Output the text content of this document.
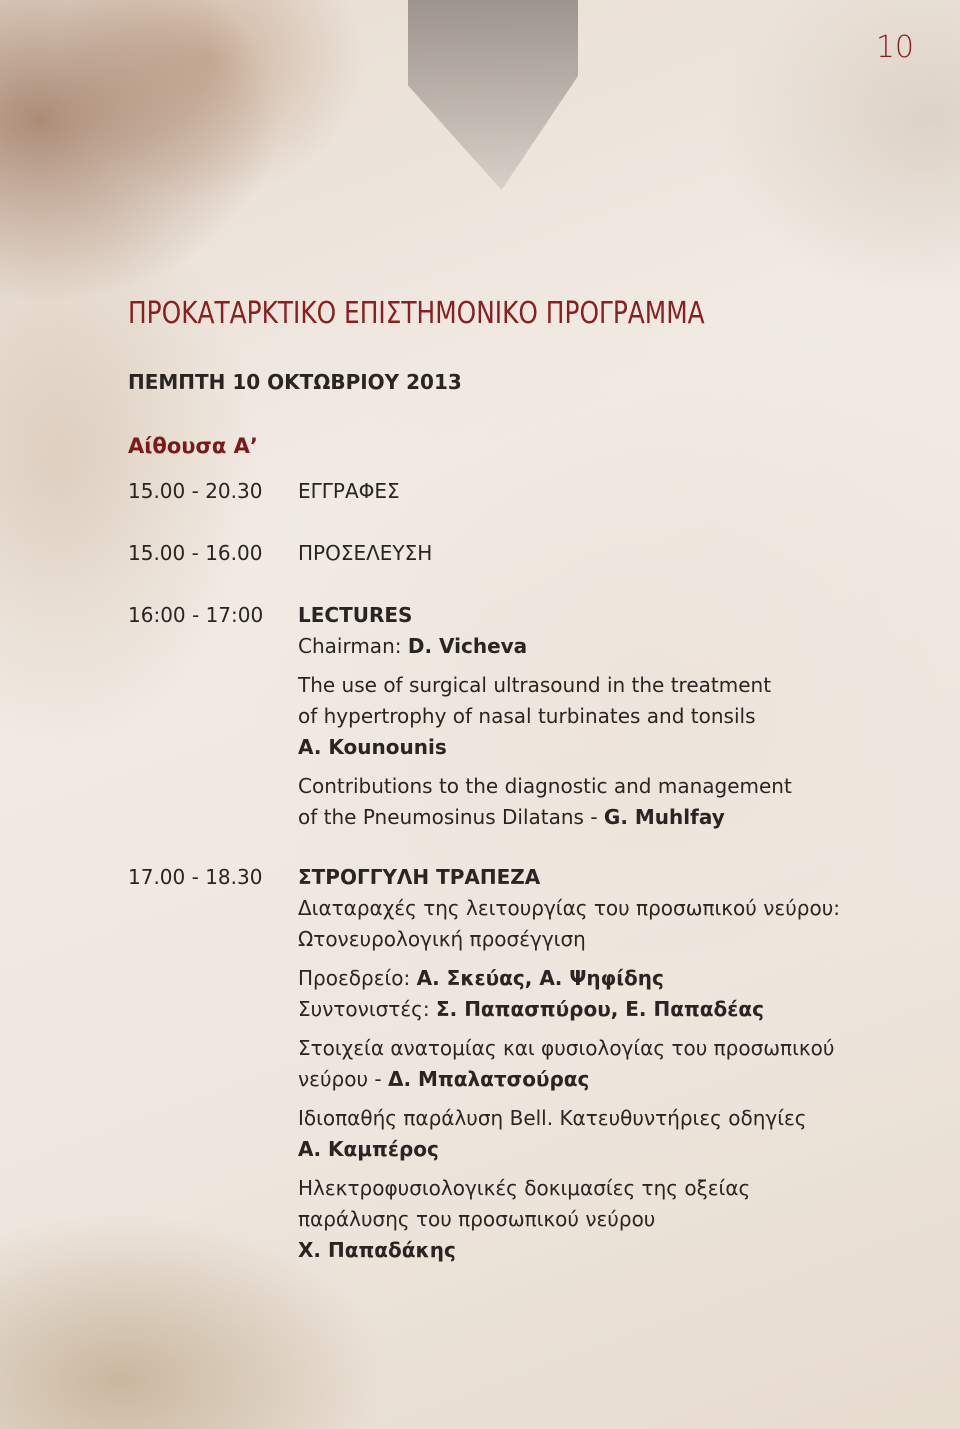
10
ΠΡΟΚΑΤΑΡΚΤΙΚΟ ΕΠΙΣΤΗΜΟΝΙΚΟ ΠΡΟΓΡΑΜΜΑ
ΠΕΜΠΤΗ 10 ΟΚΤΩΒΡΙΟΥ 2013
Αίθουσα Α’
15.00 - 20.30	ΕΓΓΡΑΦΕΣ
15.00 - 16.00	ΠΡΟΣΕΛΕΥΣΗ
16:00 - 17:00	LECTURES
Chairman: D. Vicheva
The use of surgical ultrasound in the treatment
of hypertrophy of nasal turbinates and tonsils
A. Kounounis
Contributions to the diagnostic and management
of the Pneumosinus Dilatans - G. Muhlfay
17.00 - 18.30	ΣΤΡΟΓΓΥΛΗ ΤΡΑΠΕΖΑ
Διαταραχές της λειτουργίας του προσωπικού νεύρου:
Ωτονευρολογική προσέγγιση
Προεδρείο: Α. Σκεύας, Α. Ψηφίδης
Συντονιστές: Σ. Παπασπύρου, Ε. Παπαδέας
Στοιχεία ανατομίας και φυσιολογίας του προσωπικού
νεύρου - Δ. Μπαλατσούρας
Ιδιοπαθής παράλυση Bell. Κατευθυντήριες οδηγίες
Α. Καμπέρος
Ηλεκτροφυσιολογικές δοκιμασίες της οξείας
παράλυσης του προσωπικού νεύρου
Χ. Παπαδάκης
